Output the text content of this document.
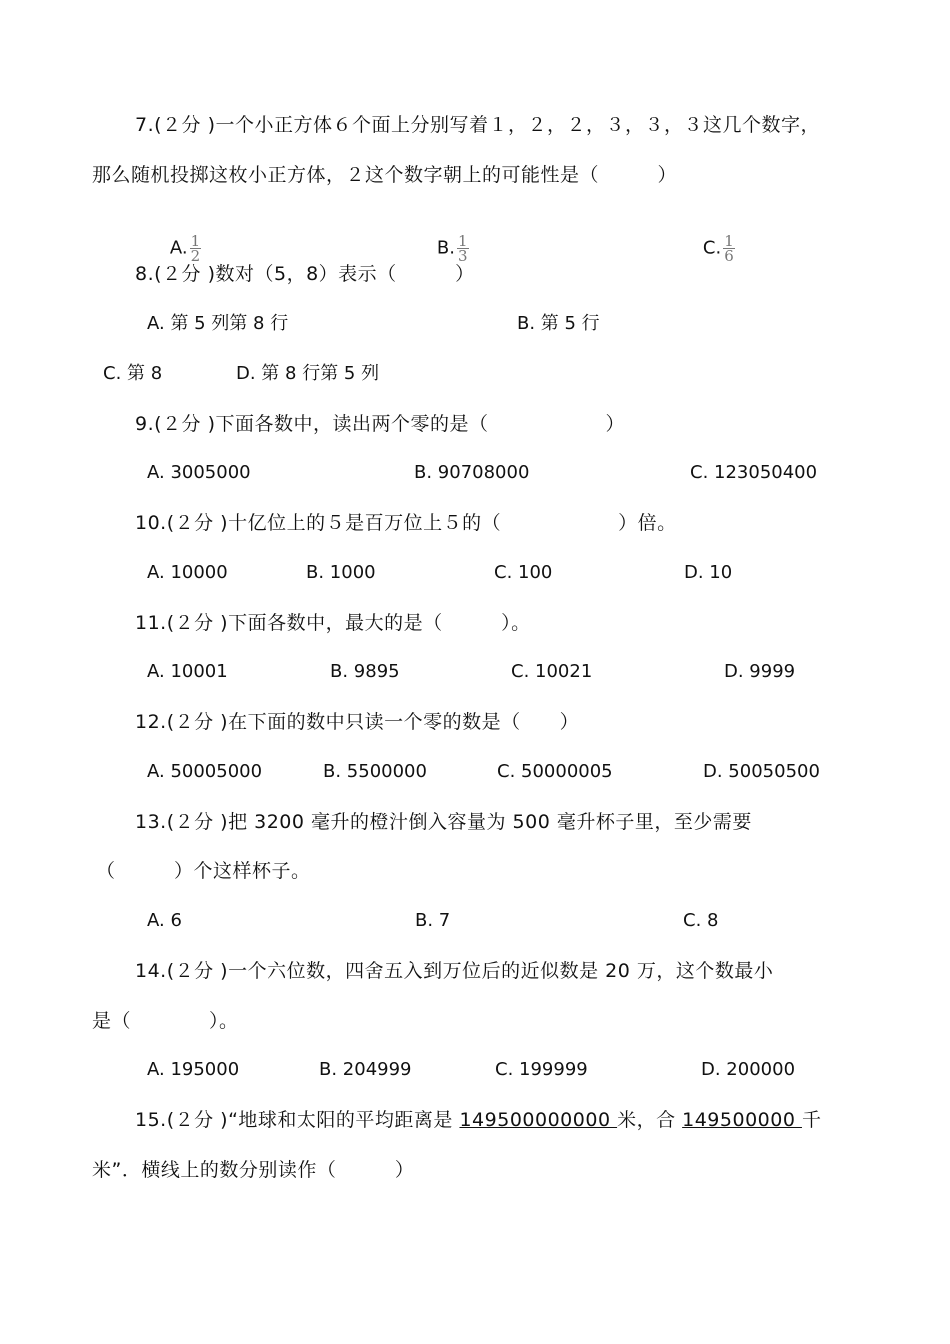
7.(２分 )一个小正方体６个面上分别写着１，２，２，３，３，３这几个数字，
那么随机投掷这枚小正方体，２这个数字朝上的可能性是（　　　）

A. $\frac{1}{2}$

	B. $\frac{1}{3}$

	C. $\frac{1}{6}$

8.(２分 )数对（5，8）表示（　　　）
A. 第 5 列第 8 行	B. 第 5 行
C. 第 8	D. 第 8 行第 5 列
9.(２分 )下面各数中，读出两个零的是（　　　　　　）
A. 3005000	B. 90708000	C. 123050400
10.(２分 )十亿位上的５是百万位上５的（　　　　　　）倍。
A. 10000	B. 1000	C. 100	D. 10
11.(２分 )下面各数中，最大的是（　　　）。
A. 10001	B. 9895	C. 10021	D. 9999
12.(２分 )在下面的数中只读一个零的数是（　　）
A. 50005000	B. 5500000	C. 50000005	D. 50050500
13.(２分 )把 3200 毫升的橙汁倒入容量为 500 毫升杯子里，至少需要
（　　　）个这样杯子。
A. 6	B. 7	C. 8
14.(２分 )一个六位数，四舍五入到万位后的近似数是 20 万，这个数最小
是（　　　　）。
A. 195000	B. 204999	C. 199999	D. 200000
15.(２分 )“地球和太阳的平均距离是 149500000000 米，合 149500000 千
米”．横线上的数分别读作（　　　）
